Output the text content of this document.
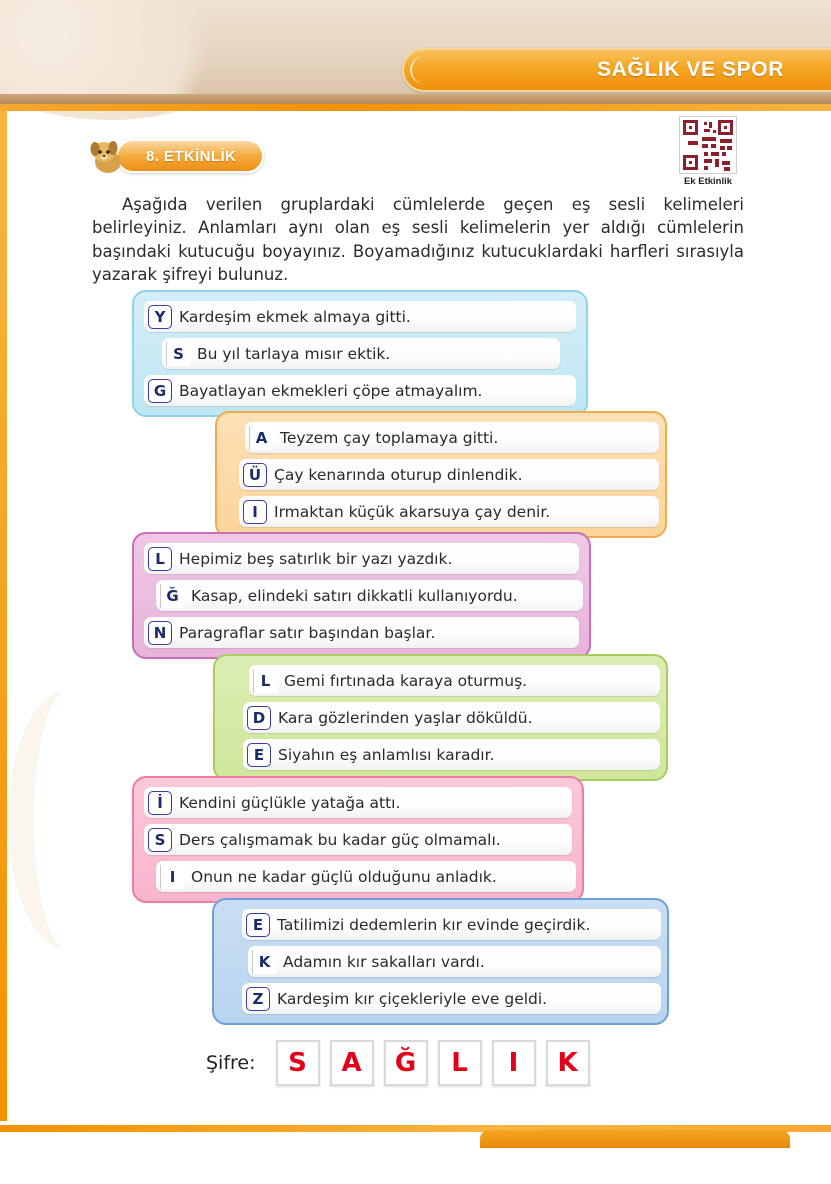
SAĞLIK VE SPOR
Ek Etkinlik
8. ETKİNLİK
Aşağıda verilen gruplardaki cümlelerde geçen eş sesli kelimeleri belirleyiniz. Anlamları aynı olan eş sesli kelimelerin yer aldığı cümlelerin başındaki kutucuğu boyayınız. Boyamadığınız kutucuklardaki harfleri sırasıyla yazarak şifreyi bulunuz.
Y Kardeşim ekmek almaya gitti.
S Bu yıl tarlaya mısır ektik.
G Bayatlayan ekmekleri çöpe atmayalım.
A Teyzem çay toplamaya gitti.
Ü Çay kenarında oturup dinlendik.
I	Irmaktan küçük akarsuya çay denir.
L Hepimiz beş satırlık bir yazı yazdık.
Ğ Kasap, elindeki satırı dikkatli kullanıyordu.
N Paragraflar satır başından başlar.
L Gemi fırtınada karaya oturmuş.
D Kara gözlerinden yaşlar döküldü.
E Siyahın eş anlamlısı karadır.
İ	Kendini güçlükle yatağa attı.
S Ders çalışmamak bu kadar güç olmamalı.
I	Onun ne kadar güçlü olduğunu anladık.
E Tatilimizi dedemlerin kır evinde geçirdik.
K Adamın kır sakalları vardı.
Z Kardeşim kır çiçekleriyle eve geldi.
Şifre:	S	A	Ğ	L	I	K
